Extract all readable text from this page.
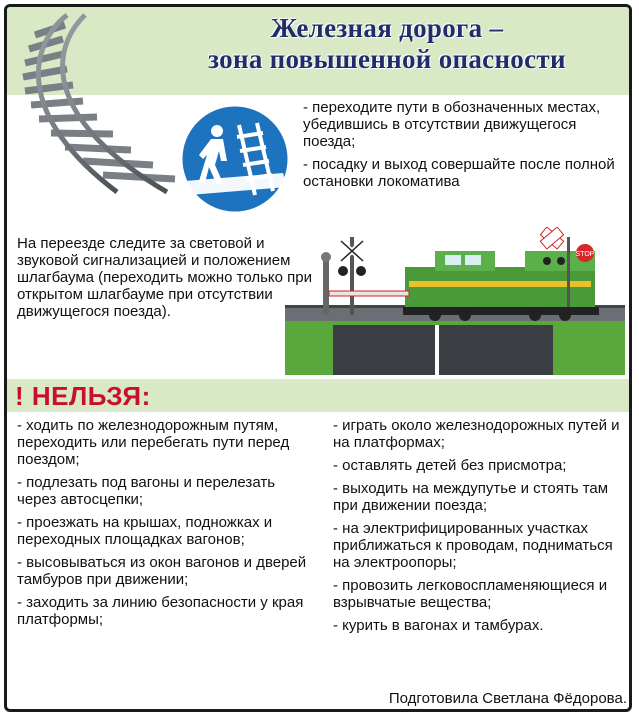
Железная дорога –
зона повышенной опасности

- переходите пути в обозначенных местах, убедившись в отсутствии движущегося поезда;

- посадку и выход совершайте после полной остановки локоматива

На переезде следите за световой и звуковой сигнализацией и положением шлагбаума (переходить можно только при открытом шлагбауме при отсутствии движущегося поезда).
STOP
! НЕЛЬЗЯ:

- ходить по железнодорожным путям, переходить или перебегать пути перед поездом;

- подлезать под вагоны и перелезать через автосцепки;

- проезжать на крышах, подножках и переходных площадках вагонов;

- высовываться из окон вагонов и дверей тамбуров при движении;

- заходить за линию безопасности у края платформы;

- играть около железнодорожных путей и на платформах;

- оставлять детей без присмотра;

- выходить на междупутье и стоять там при движении поезда;

- на электрифицированных участках приближаться к проводам, подниматься на электроопоры;

- провозить легковоспламеняющиеся и взрывчатые вещества;

- курить в вагонах и тамбурах.

Подготовила Светлана Фёдорова.
